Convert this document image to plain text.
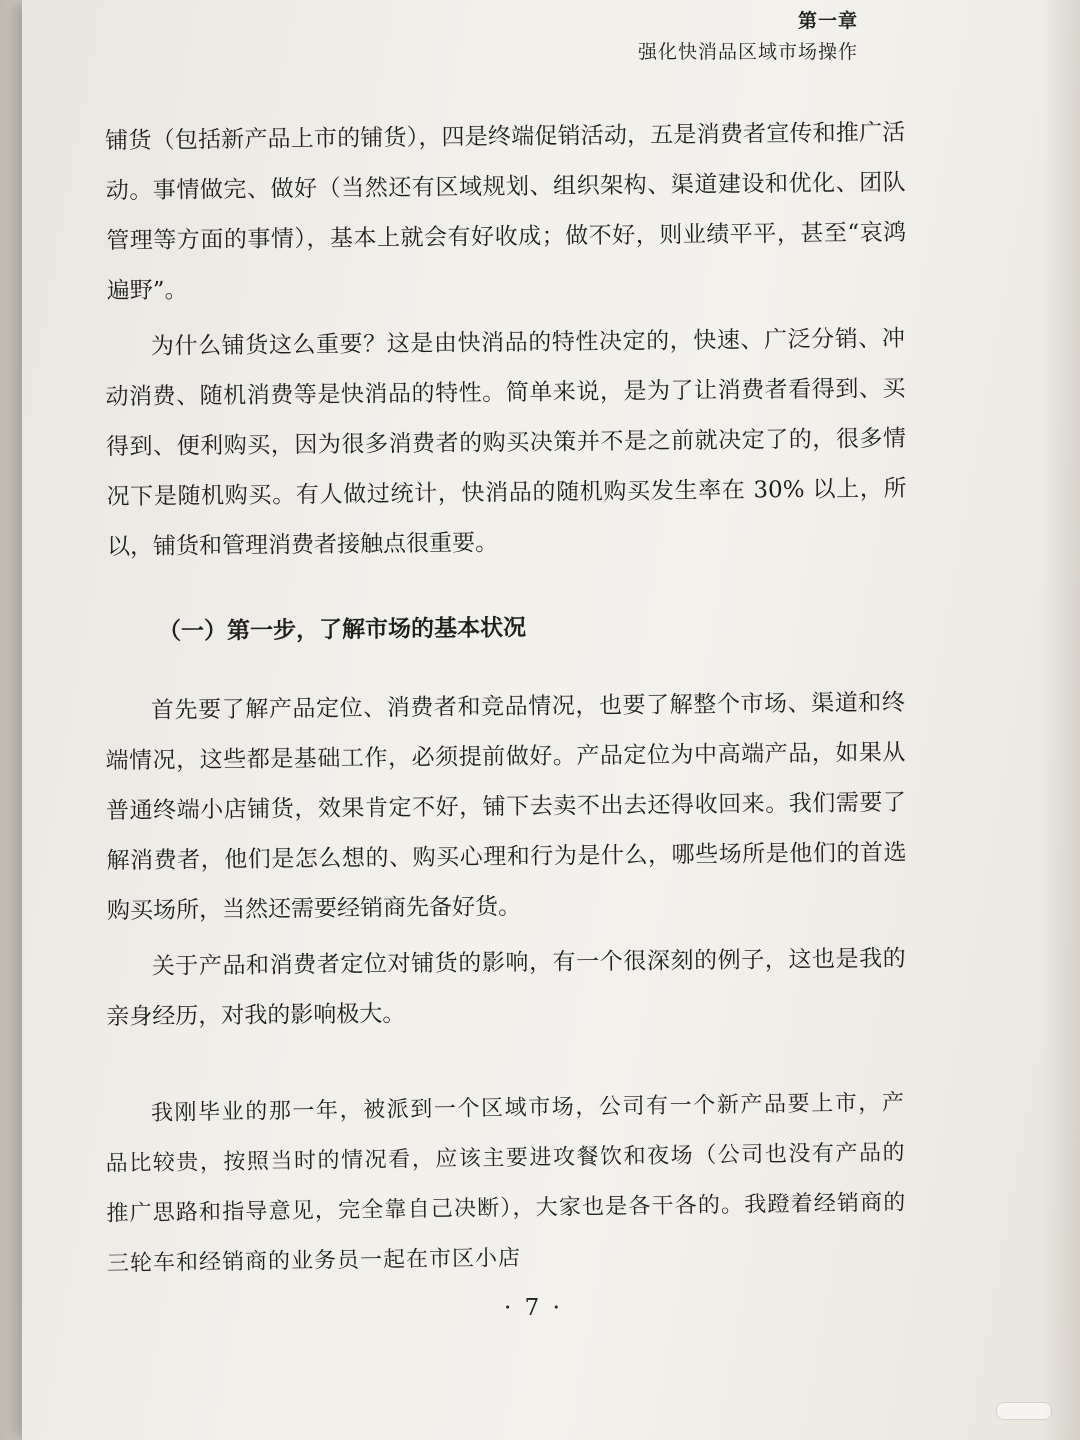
第一章
强化快消品区域市场操作

铺货（包括新产品上市的铺货），四是终端促销活动，五是消费者宣传和推广活动。事情做完、做好（当然还有区域规划、组织架构、渠道建设和优化、团队管理等方面的事情），基本上就会有好收成；做不好，则业绩平平，甚至“哀鸿遍野”。

为什么铺货这么重要？这是由快消品的特性决定的，快速、广泛分销、冲动消费、随机消费等是快消品的特性。简单来说，是为了让消费者看得到、买得到、便利购买，因为很多消费者的购买决策并不是之前就决定了的，很多情况下是随机购买。有人做过统计，快消品的随机购买发生率在 30% 以上，所以，铺货和管理消费者接触点很重要。

（一）第一步，了解市场的基本状况

首先要了解产品定位、消费者和竞品情况，也要了解整个市场、渠道和终端情况，这些都是基础工作，必须提前做好。产品定位为中高端产品，如果从普通终端小店铺货，效果肯定不好，铺下去卖不出去还得收回来。我们需要了解消费者，他们是怎么想的、购买心理和行为是什么，哪些场所是他们的首选购买场所，当然还需要经销商先备好货。

关于产品和消费者定位对铺货的影响，有一个很深刻的例子，这也是我的亲身经历，对我的影响极大。

我刚毕业的那一年，被派到一个区域市场，公司有一个新产品要上市，产品比较贵，按照当时的情况看，应该主要进攻餐饮和夜场（公司也没有产品的推广思路和指导意见，完全靠自己决断），大家也是各干各的。我蹬着经销商的三轮车和经销商的业务员一起在市区小店

· 7 ·
